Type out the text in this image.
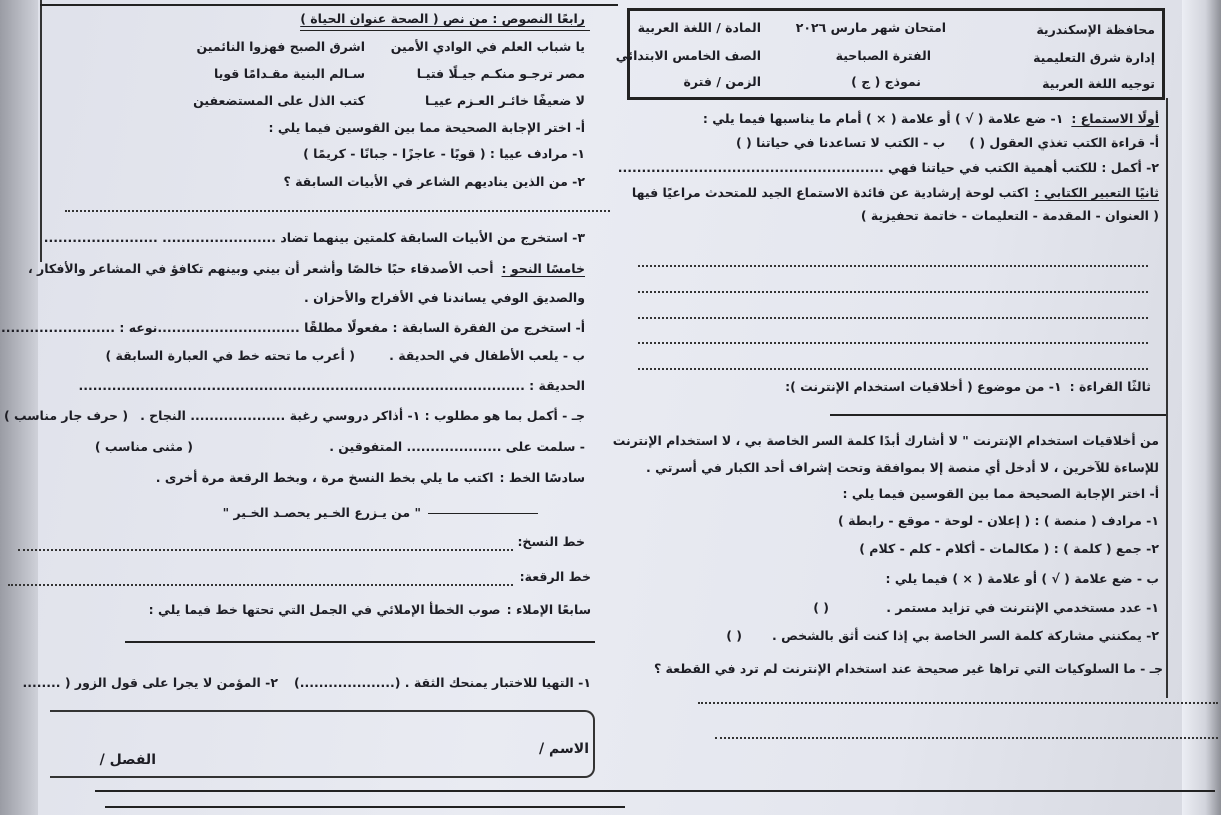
محافظة الإسكندرية
امتحان شهر مارس ٢٠٢٦
المادة / اللغة العربية
إدارة شرق التعليمية
الفترة الصباحية
الصف الخامس الابتدائي
توجيه اللغة العربية
نموذج ( ج )
الزمن / فترة
أولًا الاستماع :
١- ضع علامة ( √ ) أو علامة ( × ) أمام ما يناسبها فيما يلي :
أ- قراءة الكتب تغذي العقول ( )
ب - الكتب لا تساعدنا في حياتنا ( )
٢- أكمل : للكتب أهمية الكتب في حياتنا فهي ........................................................
ثانيًا التعبير الكتابي :
اكتب لوحة إرشادية عن فائدة الاستماع الجيد للمتحدث مراعيًا فيها
( العنوان - المقدمة - التعليمات - خاتمة تحفيزية )
ثالثًا القراءة :
١- من موضوع ( أخلاقيات استخدام الإنترنت ):
من أخلاقيات استخدام الإنترنت " لا أشارك أبدًا كلمة السر الخاصة بي ، لا استخدام الإنترنت
للإساءة للآخرين ، لا أدخل أي منصة إلا بموافقة وتحت إشراف أحد الكبار في أسرتي .
أ- اختر الإجابة الصحيحة مما بين القوسين فيما يلي :
١- مرادف ( منصة ) : ( إعلان - لوحة - موقع - رابطة )
٢- جمع ( كلمة ) : ( مكالمات - أكلام - كلم - كلام )
ب - ضع علامة ( √ ) أو علامة ( × ) فيما يلي :
١- عدد مستخدمي الإنترنت في تزايد مستمر .
( )
٢- يمكنني مشاركة كلمة السر الخاصة بي إذا كنت أثق بالشخص .
( )
جـ - ما السلوكيات التي تراها غير صحيحة عند استخدام الإنترنت لم ترد في القطعة ؟
رابعًا النصوص : من نص ( الصحة عنوان الحياة )
يا شباب العلم في الوادي الأمين
اشرق الصبح فهزوا النائمين
مصر ترجـو منكـم جيـلًا فتيـا
سـالم البنية مقـدامًا قويا
لا ضعيفًا خائـر العـزم عييـا
كتب الذل على المستضعفين
أ- اختر الإجابة الصحيحة مما بين القوسين فيما يلي :
١- مرادف عييا : ( قويًا - عاجزًا - جبانًا - كريمًا )
٢- من الذين يناديهم الشاعر في الأبيات السابقة ؟
٣- استخرج من الأبيات السابقة كلمتين بينهما تضاد ........................ ........................
خامسًا النحو :
أحب الأصدقاء حبًا خالصًا وأشعر أن بيني وبينهم تكافؤ في المشاعر والأفكار ،
والصديق الوفي يساندنا في الأفراح والأحزان .
أ- استخرج من الفقرة السابقة : مفعولًا مطلقًا ..............................نوعه : ........................
ب - يلعب الأطفال في الحديقة .
( أعرب ما تحته خط في العبارة السابقة )
الحديقة : ..............................................................................................
جـ - أكمل بما هو مطلوب : ١- أذاكر دروسي رغبة .................... النجاح .
( حرف جار مناسب )
- سلمت على .................... المتفوقين .
( مثنى مناسب )
سادسًا الخط :
اكتب ما يلي بخط النسخ مرة ، وبخط الرقعة مرة أخرى .
" من يـزرع الخـير يحصـد الخـير "
خط النسخ:
خط الرقعة:
سابعًا الإملاء :
صوب الخطأ الإملائي في الجمل التي تحتها خط فيما يلي :
١- التهيا للاختبار يمنحك الثقة . (....................)
٢- المؤمن لا يجرا على قول الزور ( ........
الاسم /
الفصل /
